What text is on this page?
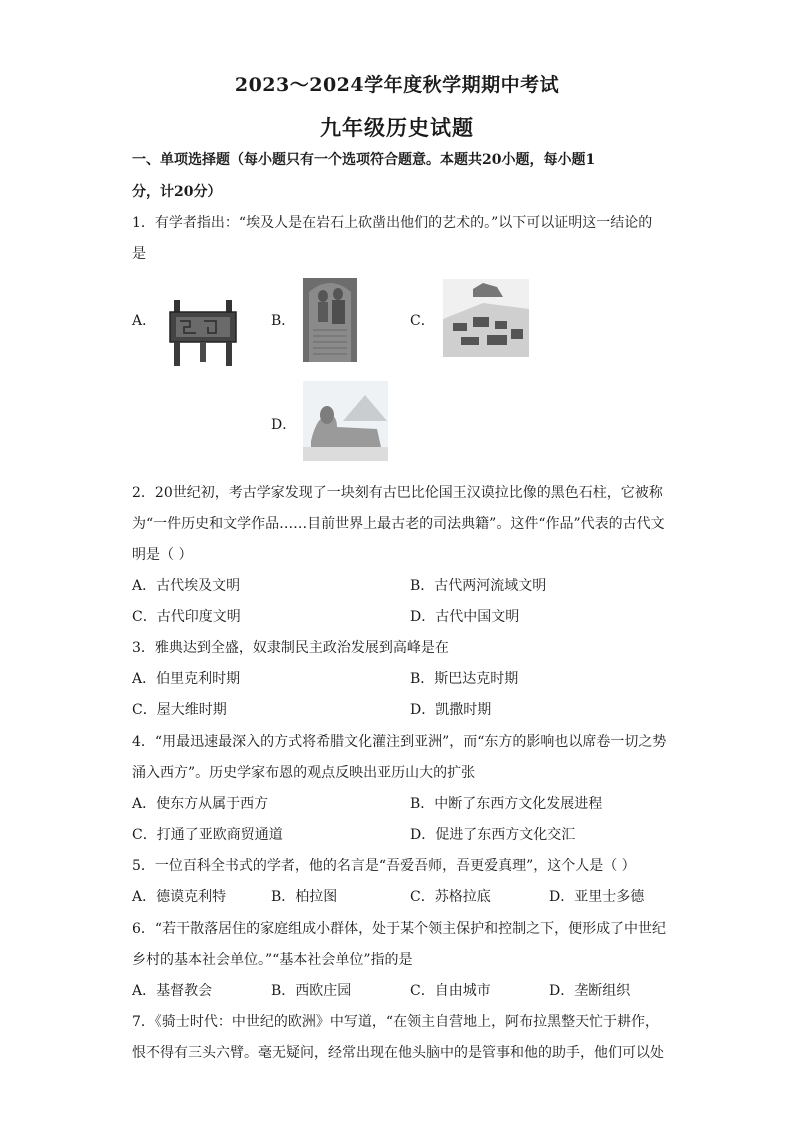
2023～2024学年度秋学期期中考试
九年级历史试题
一、单项选择题（每小题只有一个选项符合题意。本题共20小题，每小题1
分，计20分）
1．有学者指出：“埃及人是在岩石上砍凿出他们的艺术的。”以下可以证明这一结论的
是
A．	B．	C．
D．
2．20世纪初，考古学家发现了一块刻有古巴比伦国王汉谟拉比像的黑色石柱，它被称
为“一件历史和文学作品……目前世界上最古老的司法典籍”。这件“作品”代表的古代文
明是（ ）
A．古代埃及文明	B．古代两河流域文明
C．古代印度文明	D．古代中国文明
3．雅典达到全盛，奴隶制民主政治发展到高峰是在
A．伯里克利时期	B．斯巴达克时期
C．屋大维时期	D．凯撒时期
4．“用最迅速最深入的方式将希腊文化灌注到亚洲”，而“东方的影响也以席卷一切之势
涌入西方”。历史学家布恩的观点反映出亚历山大的扩张
A．使东方从属于西方	B．中断了东西方文化发展进程
C．打通了亚欧商贸通道	D．促进了东西方文化交汇
5．一位百科全书式的学者，他的名言是“吾爱吾师，吾更爱真理”，这个人是（ ）
A．德谟克利特	B．柏拉图	C．苏格拉底	D．亚里士多德
6．“若干散落居住的家庭组成小群体，处于某个领主保护和控制之下，便形成了中世纪
乡村的基本社会单位。”“基本社会单位”指的是
A．基督教会	B．西欧庄园	C．自由城市	D．垄断组织
7．《骑士时代：中世纪的欧洲》中写道，“在领主自营地上，阿布拉黑整天忙于耕作，
恨不得有三头六臂。毫无疑问，经常出现在他头脑中的是管事和他的助手，他们可以处
